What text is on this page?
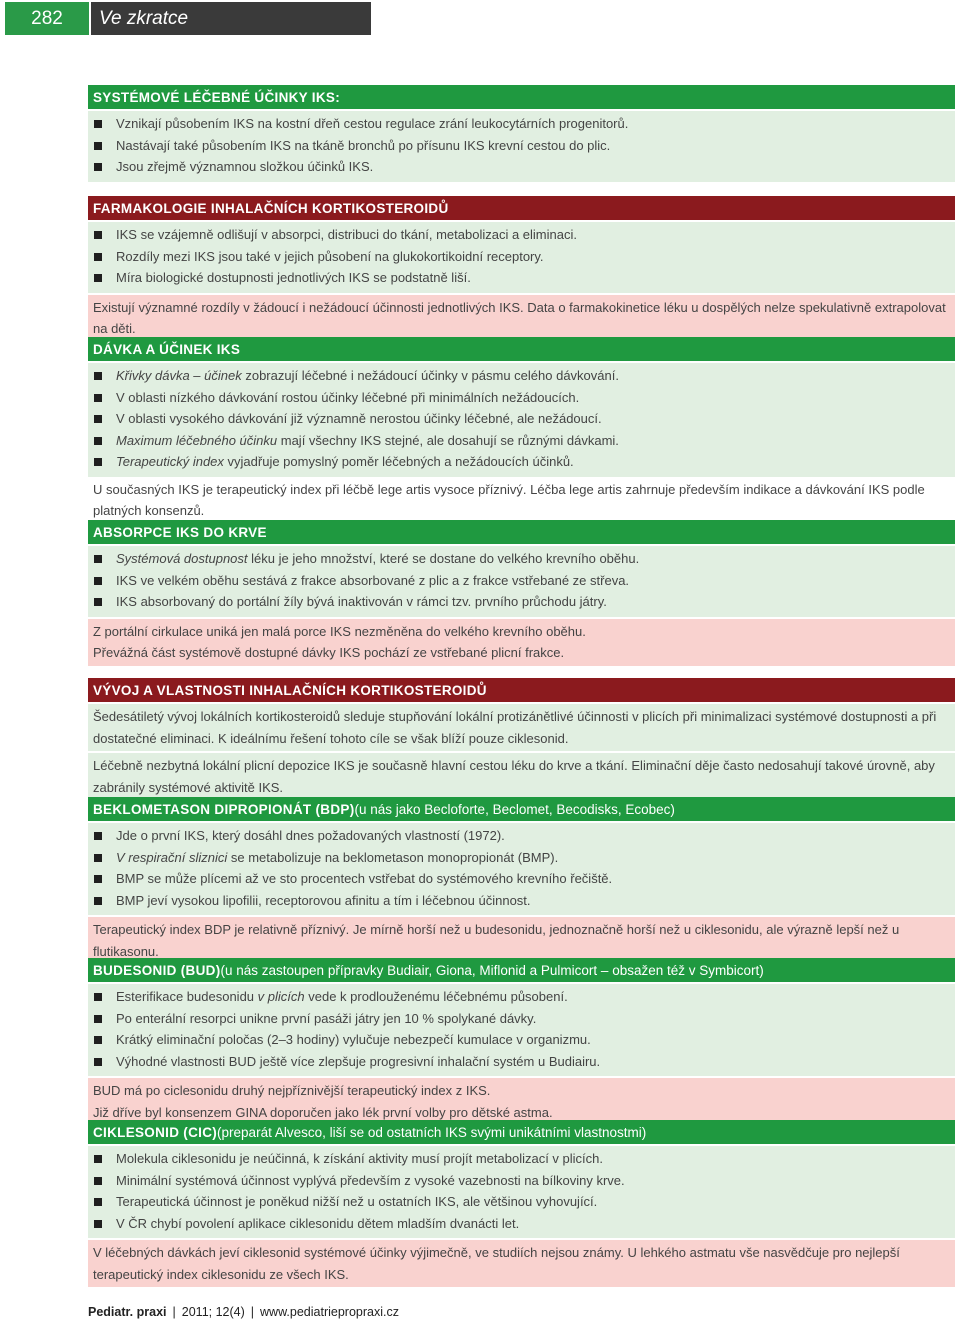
282	Ve zkratce
SYSTÉMOVÉ LÉČEBNÉ ÚČINKY IKS:
Vznikají působením IKS na kostní dřeň cestou regulace zrání leukocytárních progenitorů.
Nastávají také působením IKS na tkáně bronchů po přísunu IKS krevní cestou do plic.
Jsou zřejmě významnou složkou účinků IKS.
FARMAKOLOGIE INHALAČNÍCH KORTIKOSTEROIDŮ
IKS se vzájemně odlišují v absorpci, distribuci do tkání, metabolizaci a eliminaci.
Rozdíly mezi IKS jsou také v jejich působení na glukokortikoidní receptory.
Míra biologické dostupnosti jednotlivých IKS se podstatně liší.

Existují významné rozdíly v žádoucí i nežádoucí účinnosti jednotlivých IKS. Data o farmakokinetice léku u dospělých nelze spekulativně extrapolovat na děti.

DÁVKA A ÚČINEK IKS
Křivky dávka – účinek zobrazují léčebné i nežádoucí účinky v pásmu celého dávkování.
V oblasti nízkého dávkování rostou účinky léčebné při minimálních nežádoucích.
V oblasti vysokého dávkování již významně nerostou účinky léčebné, ale nežádoucí.
Maximum léčebného účinku mají všechny IKS stejné, ale dosahují se různými dávkami.
Terapeutický index vyjadřuje pomyslný poměr léčebných a nežádoucích účinků.
U současných IKS je terapeutický index při léčbě lege artis vysoce příznivý. Léčba lege artis zahrnuje především indikace a dávkování IKS podle platných konsenzů.
ABSORPCE IKS DO KRVE
Systémová dostupnost léku je jeho množství, které se dostane do velkého krevního oběhu.
IKS ve velkém oběhu sestává z frakce absorbované z plic a z frakce vstřebané ze střeva.
IKS absorbovaný do portální žíly bývá inaktivován v rámci tzv. prvního průchodu játry.

Z portální cirkulace uniká jen malá porce IKS nezměněna do velkého krevního oběhu.

Převážná část systémově dostupné dávky IKS pochází ze vstřebané plicní frakce.

VÝVOJ A VLASTNOSTI INHALAČNÍCH KORTIKOSTEROIDŮ
Šedesátiletý vývoj lokálních kortikosteroidů sleduje stupňování lokální protizánětlivé účinnosti v plicích při minimalizaci systémové dostupnosti a při dostatečné eliminaci. K ideálnímu řešení tohoto cíle se však blíží pouze ciklesonid.
Léčebně nezbytná lokální plicní depozice IKS je současně hlavní cestou léku do krve a tkání. Eliminační děje často nedosahují takové úrovně, aby zabránily systémové aktivitě IKS.
BEKLOMETASON DIPROPIONÁT (BDP) (u nás jako Becloforte, Beclomet, Becodisks, Ecobec)
Jde o první IKS, který dosáhl dnes požadovaných vlastností (1972).
V respirační sliznici se metabolizuje na beklometason monopropionát (BMP).
BMP se může plícemi až ve sto procentech vstřebat do systémového krevního řečiště.
BMP jeví vysokou lipofilii, receptorovou afinitu a tím i léčebnou účinnost.

Terapeutický index BDP je relativně příznivý. Je mírně horší než u budesonidu, jednoznačně horší než u ciklesonidu, ale výrazně lepší než u flutikasonu.

BUDESONID (BUD) (u nás zastoupen přípravky Budiair, Giona, Miflonid a Pulmicort – obsažen též v Symbicort)
Esterifikace budesonidu v plicích vede k prodlouženému léčebnému působení.
Po enterální resorpci unikne první pasáži játry jen 10 % spolykané dávky.
Krátký eliminační poločas (2–3 hodiny) vylučuje nebezpečí kumulace v organizmu.
Výhodné vlastnosti BUD ještě více zlepšuje progresivní inhalační systém u Budiairu.

BUD má po ciclesonidu druhý nejpříznivější terapeutický index z IKS.

Již dříve byl konsenzem GINA doporučen jako lék první volby pro dětské astma.

CIKLESONID (CIC) (preparát Alvesco, liší se od ostatních IKS svými unikátními vlastnostmi)
Molekula ciklesonidu je neúčinná, k získání aktivity musí projít metabolizací v plicích.
Minimální systémová účinnost vyplývá především z vysoké vazebnosti na bílkoviny krve.
Terapeutická účinnost je poněkud nižší než u ostatních IKS, ale většinou vyhovující.
V ČR chybí povolení aplikace ciklesonidu dětem mladším dvanácti let.

V léčebných dávkách jeví ciklesonid systémové účinky výjimečně, ve studiích nejsou známy. U lehkého astmatu vše nasvědčuje pro nejlepší terapeutický index ciklesonidu ze všech IKS.

Pediatr. praxi | 2011; 12(4) | www.pediatriepropraxi.cz
